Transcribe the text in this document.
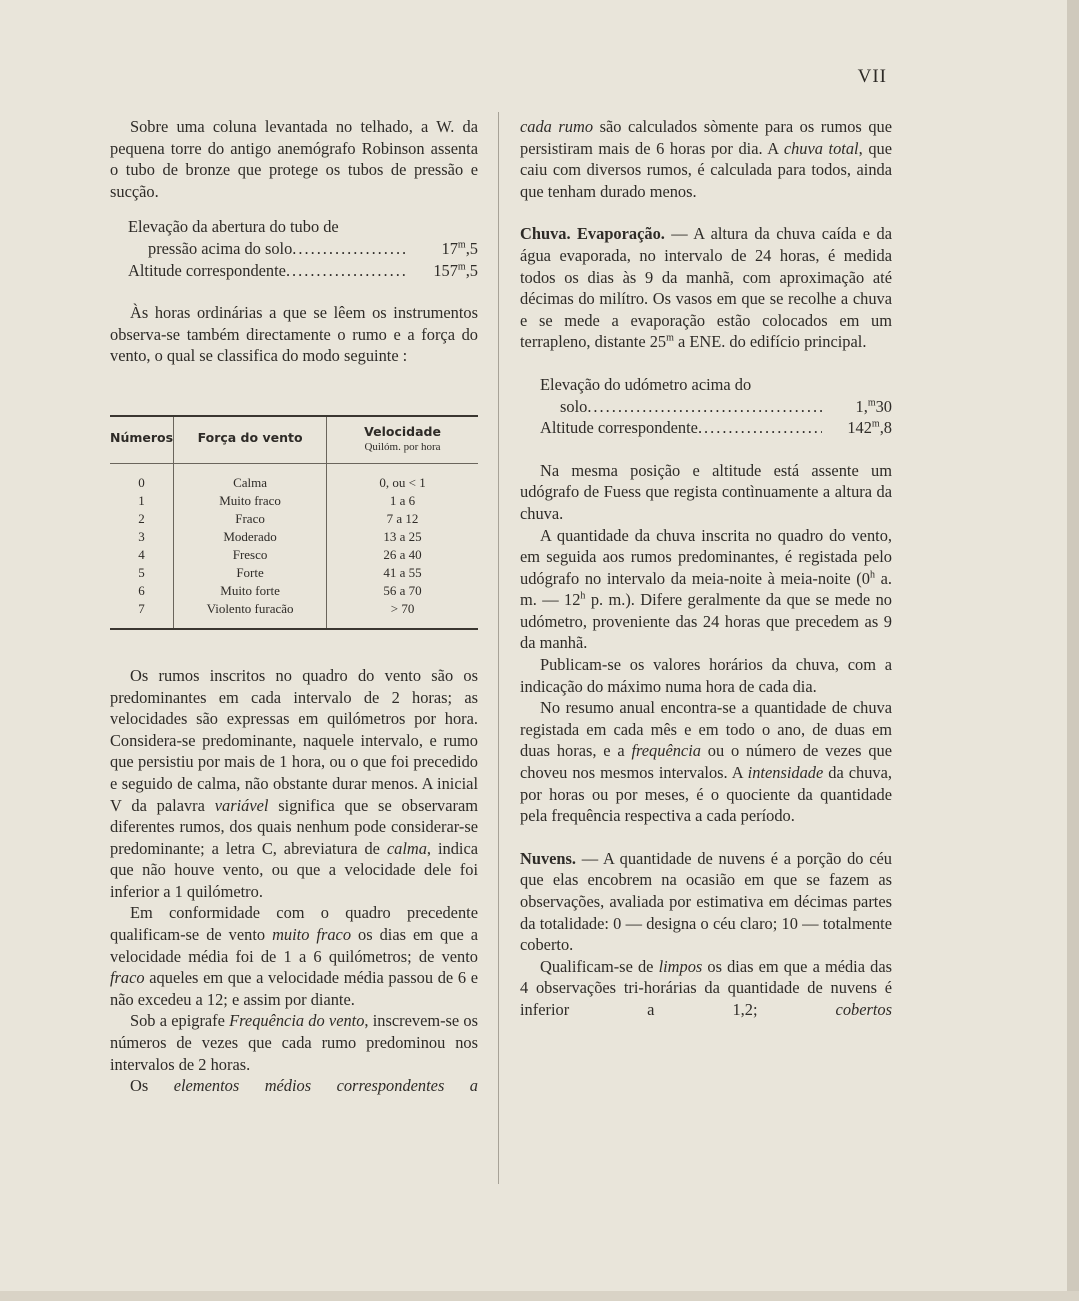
VII

Sobre uma coluna levantada no telhado, a W. da pequena torre do antigo anemógrafo Robinson assenta o tubo de bronze que protege os tubos de pressão e sucção.

Elevação da abertura do tubo de
pressão acima do solo .....	17$^m$,5
Altitude correspondente .....	157$^m$,5

Às horas ordinárias a que se lêem os instrumentos observa-se também directamente o rumo e a força do vento, o qual se classifica do modo seguinte :

Números	Força do vento	Velocidade
Quilóm. por hora

0	Calma	0, ou < 1
1	Muito fraco	1 a 6
2	Fraco	7 a 12
3	Moderado	13 a 25
4	Fresco	26 a 40
5	Forte	41 a 55
6	Muito forte	56 a 70
7	Violento furacão	> 70

Os rumos inscritos no quadro do vento são os predominantes em cada intervalo de 2 horas; as velocidades são expressas em quilómetros por hora. Considera-se predominante, naquele intervalo, e rumo que persistiu por mais de 1 hora, ou o que foi precedido e seguido de calma, não obstante durar menos. A inicial V da palavra variável significa que se observaram diferentes rumos, dos quais nenhum pode considerar-se predominante; a letra C, abreviatura de calma, indica que não houve vento, ou que a velocidade dele foi inferior a 1 quilómetro.

Em conformidade com o quadro precedente qualificam-se de vento muito fraco os dias em que a velocidade média foi de 1 a 6 quilómetros; de vento fraco aqueles em que a velocidade média passou de 6 e não excedeu a 12; e assim por diante.

Sob a epigrafe Frequência do vento, inscrevem-se os números de vezes que cada rumo predominou nos intervalos de 2 horas.

Os elementos médios correspondentes a

cada rumo são calculados sòmente para os rumos que persistiram mais de 6 horas por dia. A chuva total, que caiu com diversos rumos, é calculada para todos, ainda que tenham durado menos.

Chuva. Evaporação. — A altura da chuva caída e da água evaporada, no intervalo de 24 horas, é medida todos os dias às 9 da manhã, com aproximação até décimas do milítro. Os vasos em que se recolhe a chuva e se mede a evaporação estão colocados em um terrapleno, distante 25$^m$ a ENE. do edifício principal.

Elevação do udómetro acima do
solo .....	1,$^m$30
Altitude correspondente .....	142$^m$,8

Na mesma posição e altitude está assente um udógrafo de Fuess que regista contìnuamente a altura da chuva.

A quantidade da chuva inscrita no quadro do vento, em seguida aos rumos predominantes, é registada pelo udógrafo no intervalo da meia-noite à meia-noite (0$^h$ a. m. — 12$^h$ p. m.). Difere geralmente da que se mede no udómetro, proveniente das 24 horas que precedem as 9 da manhã.

Publicam-se os valores horários da chuva, com a indicação do máximo numa hora de cada dia.

No resumo anual encontra-se a quantidade de chuva registada em cada mês e em todo o ano, de duas em duas horas, e a frequência ou o número de vezes que choveu nos mesmos intervalos. A intensidade da chuva, por horas ou por meses, é o quociente da quantidade pela frequência respectiva a cada período.

Nuvens. — A quantidade de nuvens é a porção do céu que elas encobrem na ocasião em que se fazem as observações, avaliada por estimativa em décimas partes da totalidade: 0 — designa o céu claro; 10 — totalmente coberto.

Qualificam-se de limpos os dias em que a média das 4 observações tri-horárias da quantidade de nuvens é inferior a 1,2; cobertos
